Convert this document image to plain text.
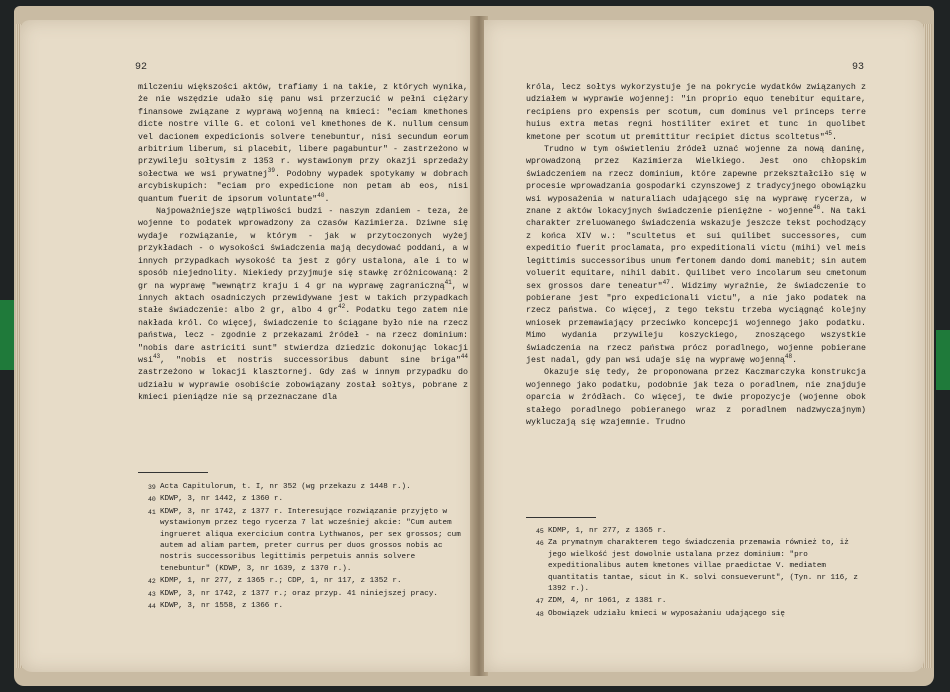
92

milczeniu większości aktów, trafiamy i na takie, z których wynika, że nie wszędzie udało się panu wsi przerzucić w pełni ciężary finansowe związane z wyprawą wojenną na kmieci: "eciam kmethones dicte nostre ville G. et coloni vel kmethones de K. nullum censum vel dacionem expedicionis solvere tenebuntur, nisi secundum eorum arbitrium liberum, si placebit, libere pagabuntur" - zastrzeżono w przywileju sołtysim z 1353 r. wystawionym przy okazji sprzedaży sołectwa we wsi prywatnej$^{39}$. Podobny wypadek spotykamy w dobrach arcybiskupich: "eciam pro expedicione non petam ab eos, nisi quantum fuerit de ipsorum voluntate"$^{40}$.

Najpoważniejsze wątpliwości budzi - naszym zdaniem - teza, że wojenne to podatek wprowadzony za czasów Kazimierza. Dziwne się wydaje rozwiązanie, w którym - jak w przytoczonych wyżej przykładach - o wysokości świadczenia mają decydować poddani, a w innych przypadkach wysokość ta jest z góry ustalona, ale i to w sposób niejednolity. Niekiedy przyjmuje się stawkę zróżnicowaną: 2 gr na wyprawę "wewnątrz kraju i 4 gr na wyprawę zagraniczną$^{41}$, w innych aktach osadniczych przewidywane jest w takich przypadkach stałe świadczenie: albo 2 gr, albo 4 $gr^{42}$. Podatku tego zatem nie nakłada król. Co więcej, świadczenie to ściągane było nie na rzecz państwa, lecz - zgodnie z przekazami źródeł - na rzecz dominium: "nobis dare astriciti sunt" stwierdza dziedzic dokonując lokacji wsi$^{43}$, "nobis et nostris successoribus dabunt sine briga"$^{44}$ zastrzeżono w lokacji klasztornej. Gdy zaś w innym przypadku do udziału w wyprawie osobiście zobowiązany został sołtys, pobrane z kmieci pieniądze nie są przeznaczane dla

39 Acta Capitulorum, t. I, nr 352 (wg przekazu z 1448 r.).
40 KDWP, 3, nr 1442, z 1360 r.
41 KDWP, 3, nr 1742, z 1377 r. Interesujące rozwiązanie przyjęto w wystawionym przez tego rycerza 7 lat wcześniej akcie: "Cum autem ingrueret aliqua exercicium contra Lythwanos, per sex grossos; cum autem ad aliam partem, preter currus per duos grossos nobis ac nostris successoribus legittimis perpetuis annis solvere tenebuntur" (KDWP, 3, nr 1639, z 1370 r.).
42 KDMP, 1, nr 277, z 1365 r.; CDP, 1, nr 117, z 1352 r.
43 KDWP, 3, nr 1742, z 1377 r.; oraz przyp. 41 niniejszej pracy.
44 KDWP, 3, nr 1558, z 1366 r.
93

króla, lecz sołtys wykorzystuje je na pokrycie wydatków związanych z udziałem w wyprawie wojennej: "in proprio equo tenebitur equitare, recipiens pro expensis per scotum, cum dominus vel princeps terre huius extra metas regni hostiliter exiret et tunc in quolibet kmetone per scotum ut premittitur recipiet dictus scoltetus"$^{45}$.

Trudno w tym oświetleniu źródeł uznać wojenne za nową daninę, wprowadzoną przez Kazimierza Wielkiego. Jest ono chłopskim świadczeniem na rzecz dominium, które zapewne przekształciło się w procesie wprowadzania gospodarki czynszowej z tradycyjnego obowiązku wsi wyposażenia w naturaliach udającego się na wyprawę rycerza, w znane z aktów lokacyjnych świadczenie pieniężne - wojenne$^{46}$. Na taki charakter zreluowanego świadczenia wskazuje jeszcze tekst pochodzący z końca XIV w.: "scultetus et sui quilibet successores, cum expeditio fuerit proclamata, pro expeditionali victu (mihi) vel meis legittimis successoribus unum fertonem dando domi manebit; sin autem voluerit equitare, nihil dabit. Quilibet vero incolarum seu cmetonum sex grossos dare teneatur"$^{47}$. Widzimy wyraźnie, że świadczenie to pobierane jest "pro expedicionali victu", a nie jako podatek na rzecz państwa. Co więcej, z tego tekstu trzeba wyciągnąć kolejny wniosek przemawiający przeciwko koncepcji wojennego jako podatku. Mimo wydania przywileju koszyckiego, znoszącego wszystkie świadczenia na rzecz państwa prócz poradlnego, wojenne pobierane jest nadal, gdy pan wsi udaje się na wyprawę wojenną$^{48}$.

Okazuje się tedy, że proponowana przez Kaczmarczyka konstrukcja wojennego jako podatku, podobnie jak teza o poradlnem, nie znajduje oparcia w źródłach. Co więcej, te dwie propozycje (wojenne obok stałego poradlnego pobieranego wraz z poradlnem nadzwyczajnym) wykluczają się wzajemnie. Trudno

45 KDMP, 1, nr 277, z 1365 r.
46 Za prymatnym charakterem tego świadczenia przemawia również to, iż jego wielkość jest dowolnie ustalana przez dominium: "pro expeditionalibus autem kmetones villae praedictae V. mediatem quantitatis tantae, sicut in K. solvi consueverunt", (Tyn. nr 116, z 1392 r.).
47 ZDM, 4, nr 1061, z 1381 r.
48 Obowiązek udziału kmieci w wyposażaniu udającego się
